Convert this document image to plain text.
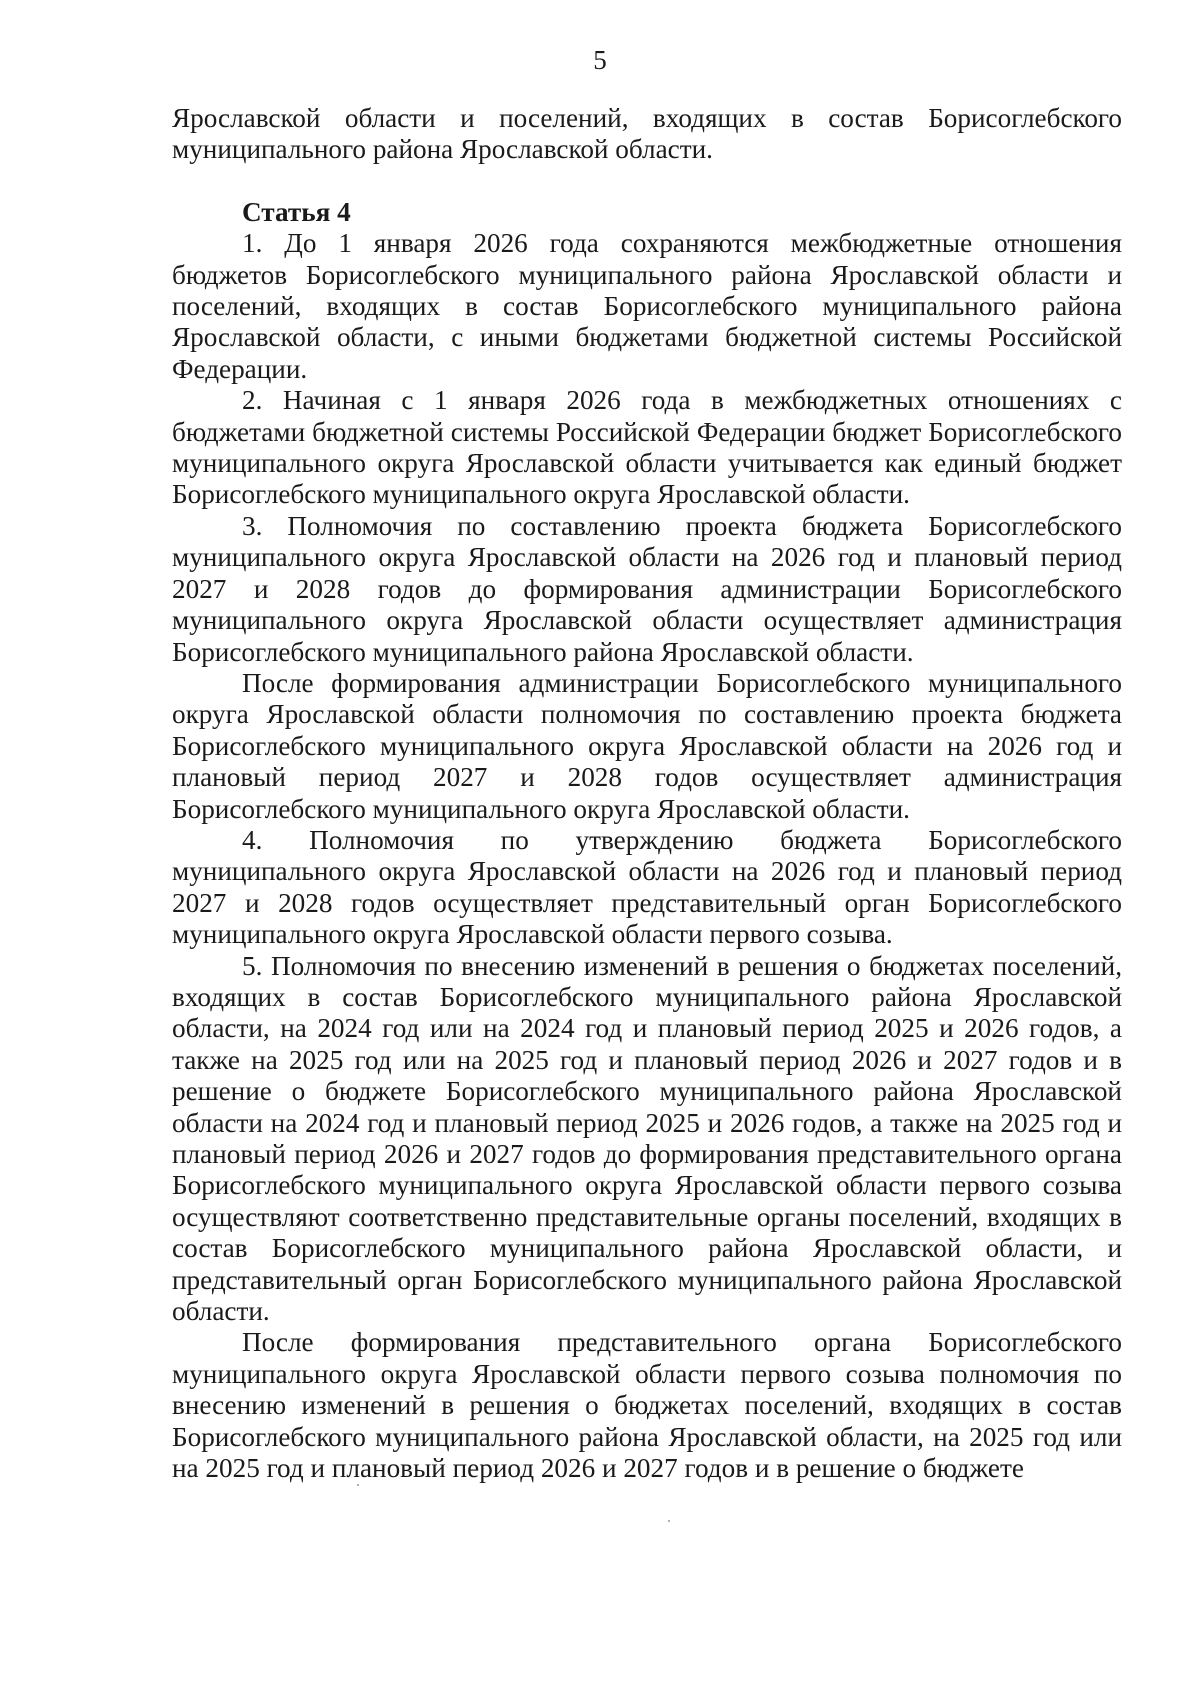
5

Ярославской области и поселений, входящих в состав Борисоглебского муниципального района Ярославской области.

Статья 4

1. До 1 января 2026 года сохраняются межбюджетные отношения бюджетов Борисоглебского муниципального района Ярославской области и поселений, входящих в состав Борисоглебского муниципального района Ярославской области, с иными бюджетами бюджетной системы Российской Федерации.

2. Начиная с 1 января 2026 года в межбюджетных отношениях с бюджетами бюджетной системы Российской Федерации бюджет Борисоглебского муниципального округа Ярославской области учитывается как единый бюджет Борисоглебского муниципального округа Ярославской области.

3. Полномочия по составлению проекта бюджета Борисоглебского муниципального округа Ярославской области на 2026 год и плановый период 2027 и 2028 годов до формирования администрации Борисоглебского муниципального округа Ярославской области осуществляет администрация Борисоглебского муниципального района Ярославской области.

После формирования администрации Борисоглебского муниципального округа Ярославской области полномочия по составлению проекта бюджета Борисоглебского муниципального округа Ярославской области на 2026 год и плановый период 2027 и 2028 годов осуществляет администрация Борисоглебского муниципального округа Ярославской области.

4. Полномочия по утверждению бюджета Борисоглебского муниципального округа Ярославской области на 2026 год и плановый период 2027 и 2028 годов осуществляет представительный орган Борисоглебского муниципального округа Ярославской области первого созыва.

5. Полномочия по внесению изменений в решения о бюджетах поселений, входящих в состав Борисоглебского муниципального района Ярославской области, на 2024 год или на 2024 год и плановый период 2025 и 2026 годов, а также на 2025 год или на 2025 год и плановый период 2026 и 2027 годов и в решение о бюджете Борисоглебского муниципального района Ярославской области на 2024 год и плановый период 2025 и 2026 годов, а также на 2025 год и плановый период 2026 и 2027 годов до формирования представительного органа Борисоглебского муниципального округа Ярославской области первого созыва осуществляют соответственно представительные органы поселений, входящих в состав Борисоглебского муниципального района Ярославской области, и представительный орган Борисоглебского муниципального района Ярославской области.

После формирования представительного органа Борисоглебского муниципального округа Ярославской области первого созыва полномочия по внесению изменений в решения о бюджетах поселений, входящих в состав Борисоглебского муниципального района Ярославской области, на 2025 год или на 2025 год и плановый период 2026 и 2027 годов и в решение о бюджете
